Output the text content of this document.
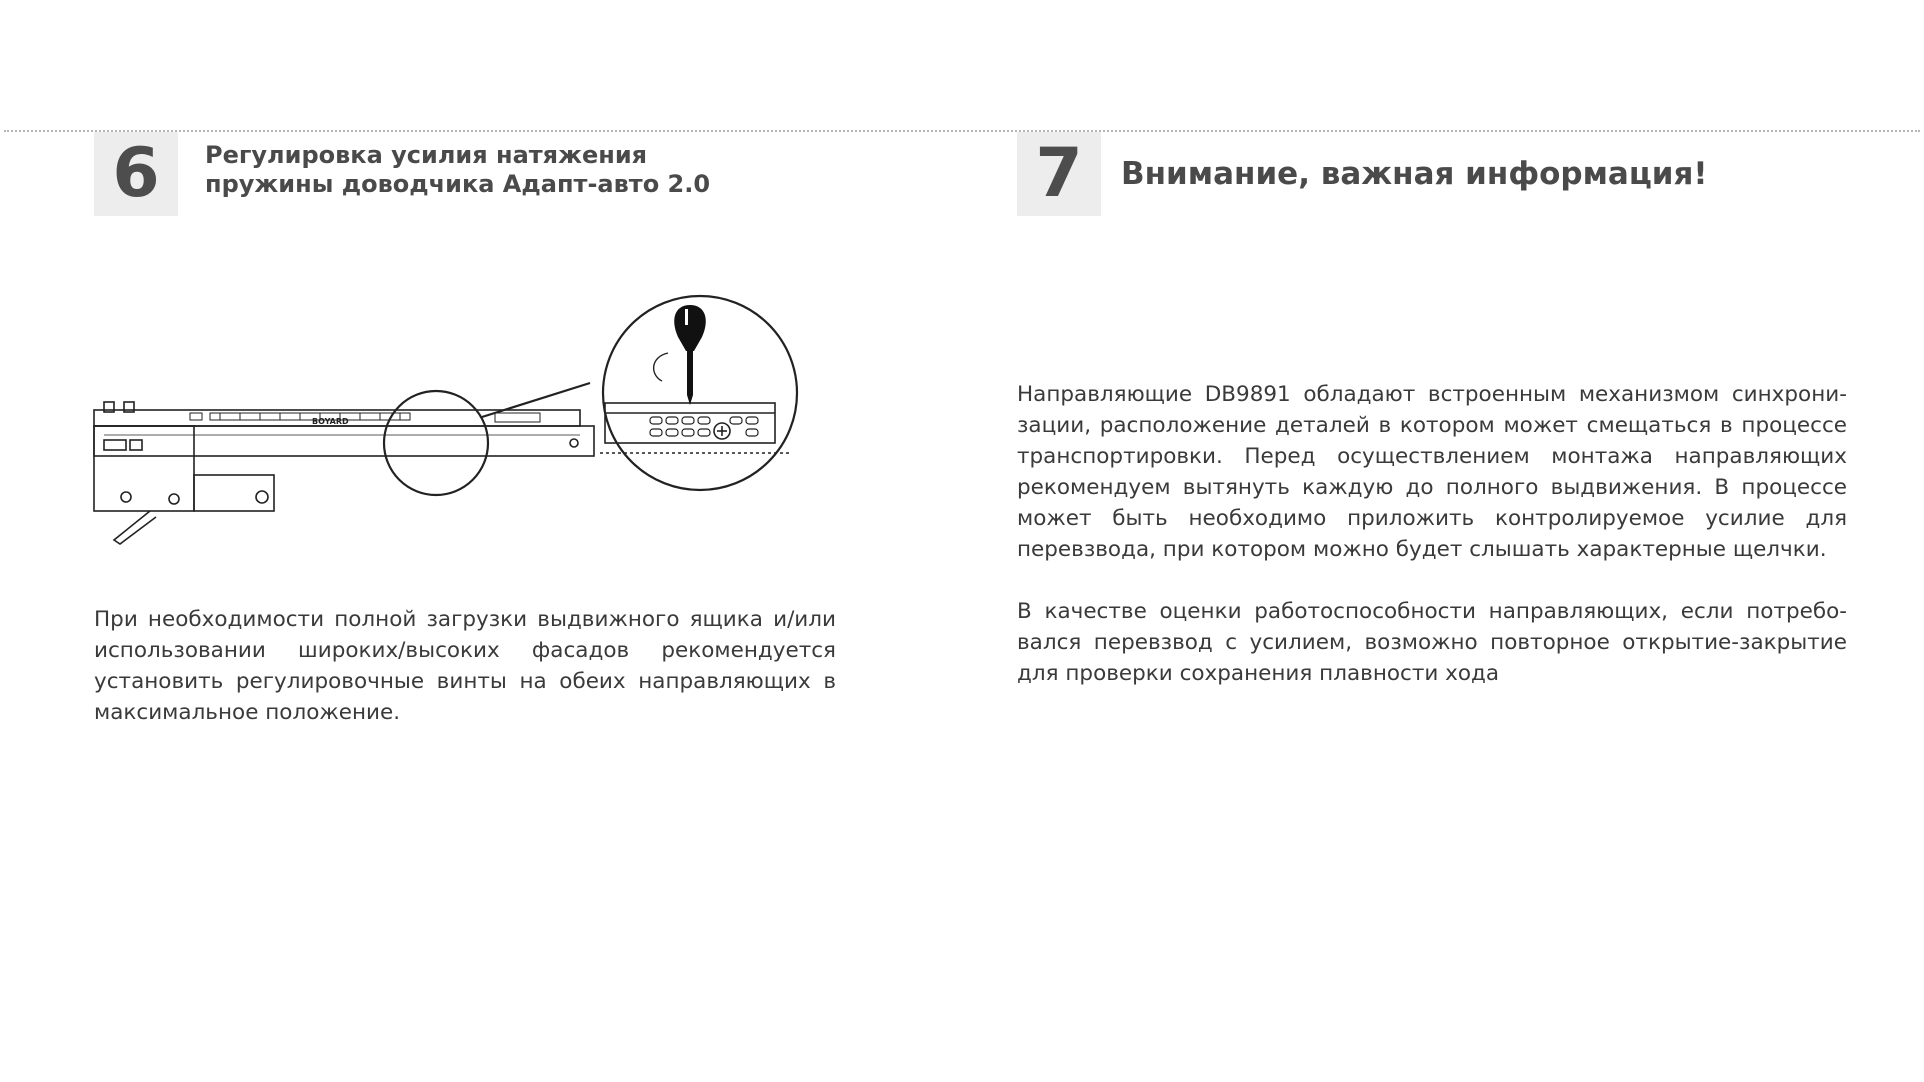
6	Регулировка усилия натяжения
пружины доводчика Адапт-авто 2.0
BOYARD
При необходимости полной загрузки выдвижного ящика и/или использовании широких/высоких фасадов рекомендуется установить регулировочные винты на обеих направляющих в максимальное положение.
7	Внимание, важная информация!
Направляющие DB9891 обладают встроенным механизмом синхрони-зации, расположение деталей в котором может смещаться в процессе транспортировки. Перед осуществлением монтажа направляющих рекомендуем вытянуть каждую до полного выдвижения. В процессе может быть необходимо приложить контролируемое усилие для перевзвода, при котором можно будет слышать характерные щелчки.
В качестве оценки работоспособности направляющих, если потребо-вался перевзвод с усилием, возможно повторное открытие-закрытие для проверки сохранения плавности хода
